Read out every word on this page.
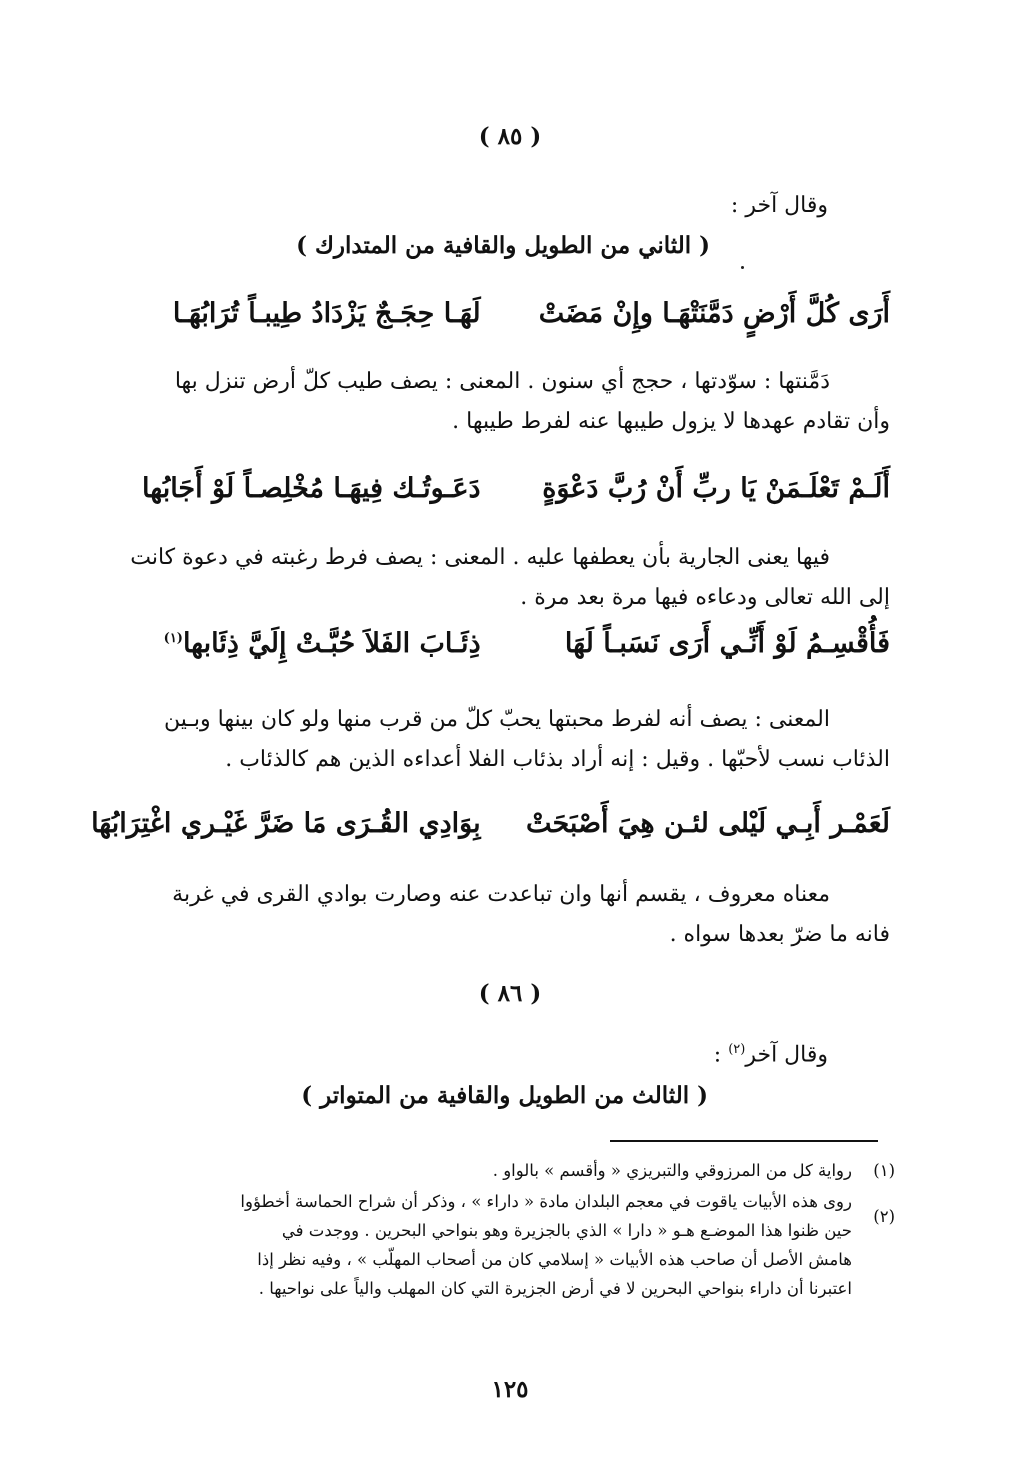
( ٨٥ )
وقال آخر :
( الثاني من الطويل والقافية من المتدارك )
أَرَى كُلَّ أَرْضٍ دَمَّنَتْهَـا وإِنْ مَضَتْ لَهَـا حِجَـجٌ يَزْدَادُ طِيبـاً تُرَابُهَـا
دَمَّنتها : سوّدتها ، حجج أي سنون . المعنى : يصف طيب كلّ أرض تنزل بها
وأن تقادم عهدها لا يزول طيبها عنه لفرط طيبها .
أَلَـمْ تَعْلَـمَنْ يَا ربِّ أَنْ رُبَّ دَعْوَةٍ دَعَـوتُـك فِيهَـا مُخْلِصـاً لَوْ أَجَابُها
فيها يعنى الجارية بأن يعطفها عليه . المعنى : يصف فرط رغبته في دعوة كانت
إلى الله تعالى ودعاءه فيها مرة بعد مرة .
فَأُقْسِـمُ لَوْ أَنِّـي أَرَى نَسَبـاً لَهَا ذِئَـابَ الفَلاَ حُبَّـتْ إِلَيَّ ذِئَابها$^{(١)}$
المعنى : يصف أنه لفرط محبتها يحبّ كلّ من قرب منها ولو كان بينها وبـين
الذئاب نسب لأحبّها . وقيل : إنه أراد بذئاب الفلا أعداءه الذين هم كالذئاب .
لَعَمْـر أَبِـي لَيْلى لئـن هِيَ أَصْبَحَتْ بِوَادِي القُـرَى مَا ضَرَّ غَيْـري اغْتِرَابُهَا
معناه معروف ، يقسم أنها وان تباعدت عنه وصارت بوادي القرى في غربة
فانه ما ضرّ بعدها سواه .
( ٨٦ )
وقال آخر$^{(٢)}$ :
( الثالث من الطويل والقافية من المتواتر )
(١)
رواية كل من المرزوقي والتبريزي « وأقسم » بالواو .
(٢)
روى هذه الأبيات ياقوت في معجم البلدان مادة « داراء » ، وذكر أن شراح الحماسة أخطؤوا
حين ظنوا هذا الموضـع هـو « دارا » الذي بالجزيرة وهو بنواحي البحرين . ووجدت في
هامش الأصل أن صاحب هذه الأبيات « إسلامي كان من أصحاب المهلّب » ، وفيه نظر إذا
اعتبرنا أن داراء بنواحي البحرين لا في أرض الجزيرة التي كان المهلب والياً على نواحيها .
١٢٥
